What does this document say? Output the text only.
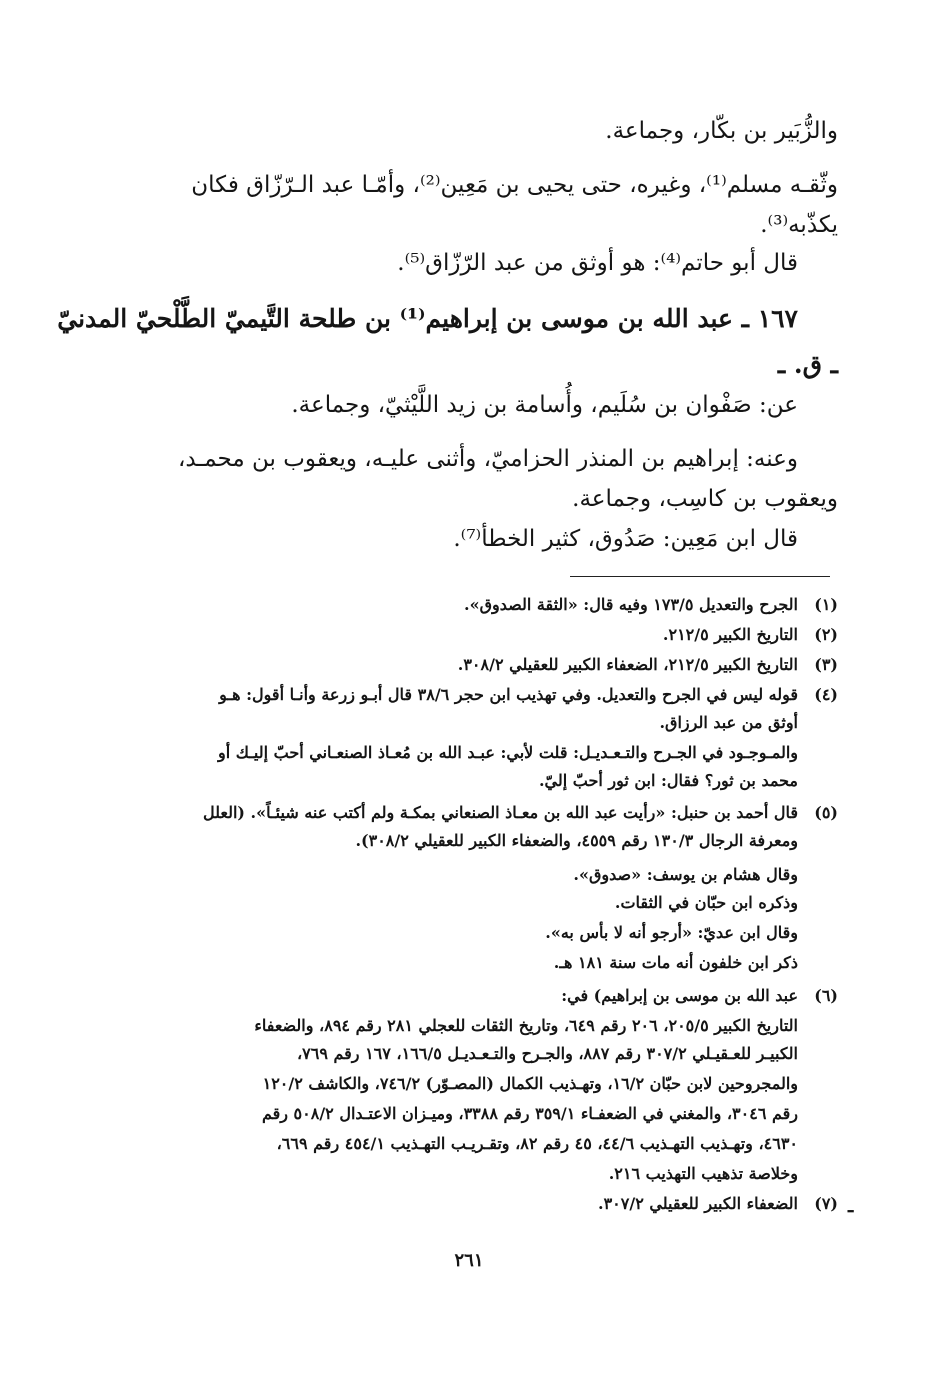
والزُّبَير بن بكّار، وجماعة.
وثّقـه مسلم⁽¹⁾، وغيره، حتى يحيى بن مَعِين⁽²⁾، وأمّـا عبد الـرّزّاق فكان
يكذّبه⁽³⁾.
قال أبو حاتم⁽⁴⁾: هو أوثق من عبد الرّزّاق⁽⁵⁾.
١٦٧ ـ عبد الله بن موسى بن إبراهيم⁽¹⁾ بن طلحة التَّيميّ الطَّلْحيّ المدنيّ
ـ ق. ـ
عن: صَفْوان بن سُلَيم، وأُسامة بن زيد اللَّيْثيّ، وجماعة.
وعنه: إبراهيم بن المنذر الحزاميّ، وأثنى عليـه، ويعقوب بن محمـد،
ويعقوب بن كاسِب، وجماعة.
قال ابن مَعِين: صَدُوق، كثير الخطأ⁽⁷⁾.
(١)
الجرح والتعديل ١٧٣/٥ وفيه قال: «الثقة الصدوق».
(٢)
التاريخ الكبير ٢١٢/٥.
(٣)
التاريخ الكبير ٢١٢/٥، الضعفاء الكبير للعقيلي ٣٠٨/٢.
(٤)
قوله ليس في الجرح والتعديل. وفي تهذيب ابن حجر ٣٨/٦ قال أبـو زرعة وأنـا أقول: هـو
أوثق من عبد الرزاق.
والمـوجـود في الجـرح والتـعـديـل: قلت لأبي: عبـد الله بن مُعـاذ الصنعـاني أحبّ إليـك أو
محمد بن ثور؟ فقال: ابن ثور أحبّ إليّ.
(٥)
قال أحمد بن حنبل: «رأيت عبد الله بن معـاذ الصنعاني بمكـة ولم أكتب عنه شيئـاً». (العلل
ومعرفة الرجال ١٣٠/٣ رقم ٤٥٥٩، والضعفاء الكبير للعقيلي ٣٠٨/٢).
وقال هشام بن يوسف: «صدوق».
وذكره ابن حبّان في الثقات.
وقال ابن عديّ: «أرجو أنه لا بأس به».
ذكر ابن خلفون أنه مات سنة ١٨١ هـ.
(٦)
عبد الله بن موسى بن إبراهيم) في:
التاريخ الكبير ٢٠٥/٥، ٢٠٦ رقم ٦٤٩، وتاريخ الثقات للعجلي ٢٨١ رقم ٨٩٤، والضعفاء
الكبيـر للعـقيـلي ٣٠٧/٢ رقم ٨٨٧، والجـرح والتـعـديـل ١٦٦/٥، ١٦٧ رقم ٧٦٩،
والمجروحين لابن حبّان ١٦/٢، وتهـذيب الكمال (المصـوّر) ٧٤٦/٢، والكاشف ١٢٠/٢
رقم ٣٠٤٦، والمغني في الضعفـاء ٣٥٩/١ رقم ٣٣٨٨، وميـزان الاعتـدال ٥٠٨/٢ رقم
٤٦٣٠، وتهـذيب التهـذيب ٤٤/٦، ٤٥ رقم ٨٢، وتقـريـب التهـذيب ٤٥٤/١ رقم ٦٦٩،
وخلاصة تذهيب التهذيب ٢١٦.
(٧)
الضعفاء الكبير للعقيلي ٣٠٧/٢.	ـ
٢٦١
